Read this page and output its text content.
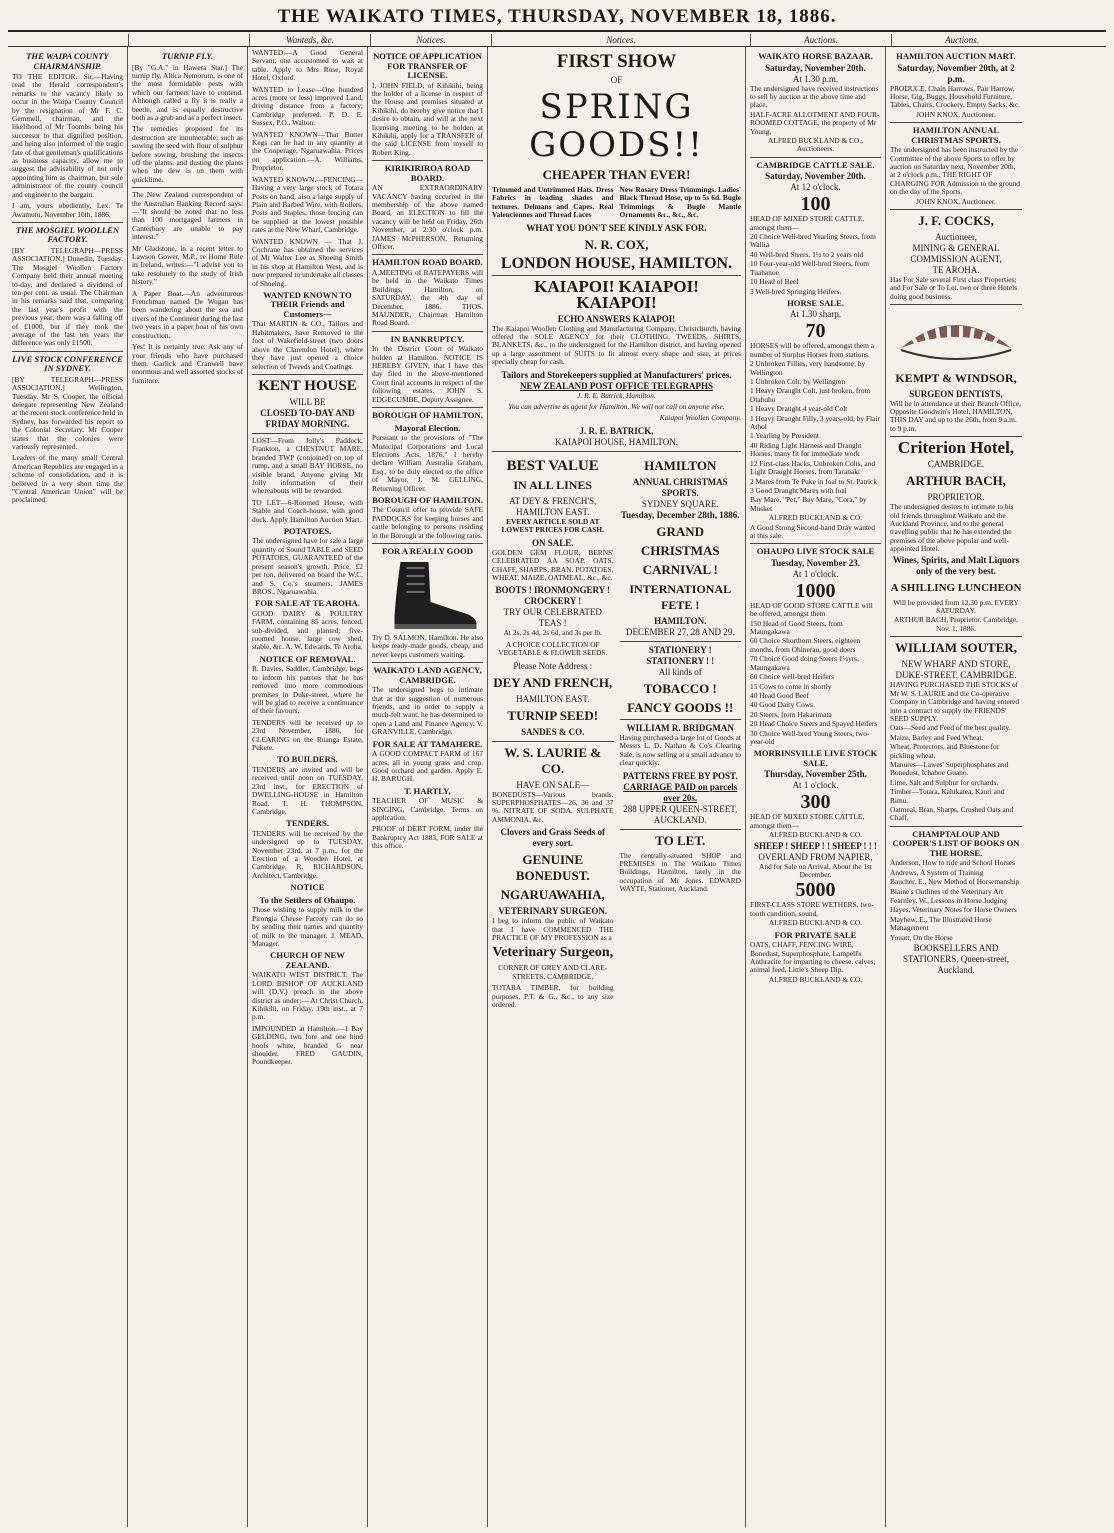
THE WAIKATO TIMES, THURSDAY, NOVEMBER 18, 1886.
Wanteds, &c.	Notices.	Notices.	Auctions.	Auctions.
THE WAIPA COUNTY CHAIRMANSHIP.

TO THE EDITOR. Sir,—Having read the Herald correspondent's remarks re the vacancy likely to occur in the Waipa County Council by the resignation of Mr F. C. Gemmell, chairman, and the likelihood of Mr Toombs being his successor to that dignified position, and being also informed of the tragic fate of that gentleman's qualifications as business capacity, allow me to suggest the advisability of not only appointing him as chairman, but sole administrator of the county council and engineer to the bargain.

I am, yours obediently, Lex. Te Awamutu, November 16th, 1886.

THE MOSGIEL WOOLLEN FACTORY.

[BY TELEGRAPH—PRESS ASSOCIATION.] Dunedin, Tuesday. The Mosgiel Woollen Factory Company held their annual meeting to-day, and declared a dividend of ten per cent. as usual. The Chairman in his remarks said that, comparing the last year's profit with the previous year, there was a falling off of £1000, but if they took the average of the last ten years the difference was only £1500.

LIVE STOCK CONFERENCE IN SYDNEY.

[BY TELEGRAPH—PRESS ASSOCIATION.] Wellington, Tuesday. Mr S. Cooper, the official delegate representing New Zealand at the recent stock conference held in Sydney, has forwarded his report to the Colonial Secretary. Mr Cooper states that the colonies were variously represented.

Leaders of the many small Central American Republics are engaged in a scheme of consolidation, and it is believed in a very short time the "Central American Union" will be proclaimed.

TURNIP FLY.

[By "G.A." in Hawera Star.] The turnip fly, Altica Nemorum, is one of the most formidable pests with which our farmers have to contend. Although called a fly it is really a beetle, and is equally destructive both as a grub and as a perfect insect.

The remedies proposed for its destruction are innumerable; such as sowing the seed with flour of sulphur before sowing, brushing the insects off the plants, and dusting the plants when the dew is on them with quicklime.

The New Zealand correspondent of the Australian Banking Record says:—"It should be noted that no less than 100 mortgaged farmers in Canterbury are unable to pay interest."

Mr Gladstone, in a recent letter to Lawson Gower, M.P., re Home Rule in Ireland, writes:—"I advise you to take resolutely to the study of Irish history."

A Paper Boat.—An adventurous Frenchman named De Wogan has been wandering about the sea and rivers of the Continent during the last two years in a paper boat of his own construction.

Yes! It is certainly true. Ask any of your friends who have purchased them. Garlick and Cranwell have enormous and well assorted stocks of furniture.

WANTED.—A Good General Servant, one accustomed to wait at table. Apply to Mrs Rose, Royal Hotel, Oxford.

WANTED to Lease—One hundred acres (more or less) improved Land, driving distance from a factory; Cambridge preferred. P. D. E. Sussex, P.O., Walton.

WANTED KNOWN—That Butter Kegs can be had in any quantity at the Cooperage, Ngaruawahia. Prices on application.—A. Williams, Proprietor.

WANTED KNOWN.—FENCING—Having a very large stock of Totara Posts on hand, also a large supply of Plain and Barbed Wire, with Rollers, Posts and Staples, those fencing can be supplied at the lowest possible rates at the New Wharf, Cambridge.

WANTED KNOWN — That J. Cochrane has obtained the services of Mr Walter Lee as Shoeing Smith in his shop at Hamilton West, and is now prepared to undertake all classes of Shoeing.

WANTED KNOWN TO THEIR Friends and Customers—

That MARTIN & CO., Tailors and Habitmakers, have Removed to the foot of Wakefield-street (two doors above the Clarendon Hotel), where they have just opened a choice selection of Tweeds and Coatings.

KENT HOUSE
WILL BE
CLOSED TO-DAY AND FRIDAY MORNING.

LOST—From Jolly's Paddock, Frankton, a CHESTNUT MARE, branded TWP (conjoined) on top of rump, and a small BAY HORSE, no visible brand. Anyone giving Mr Jolly information of their whereabouts will be rewarded.

TO LET—6-Roomed House, with Stable and Coach-house, with good dock. Apply Hamilton Auction Mart.

POTATOES.

The undersigned have for sale a large quantity of Sound TABLE and SEED POTATOES, GUARANTEED of the present season's growth. Price, £2 per ton, delivered on board the W.C. and S. Co.'s steamers. JAMES BROS., Ngaruawahia.

FOR SALE AT TE AROHA.

GOOD DAIRY & POULTRY FARM, containing 85 acres, fenced, sub-divided, and planted; five-roomed house, large cow shed, stable, &c. A. W. Edwards, Te Aroha.

NOTICE OF REMOVAL.

R. Davies, Saddler, Cambridge, begs to inform his patrons that he has removed into more commodious premises in Duke-street, where he will be glad to receive a continuance of their favours.

TENDERS will be received up to 23rd November, 1886, for CLEARING on the Ruanga Estate, Pukete.

TO BUILDERS.

TENDERS are invited and will be received until noon on TUESDAY, 23rd inst., for ERECTION of DWELLING-HOUSE in Hamilton Road. T. H. THOMPSON, Cambridge.

TENDERS.

TENDERS will be received by the undersigned up to TUESDAY, November 23rd, at 7 p.m., for the Erection of a Wooden Hotel, at Cambridge. R. RICHARDSON, Architect, Cambridge.

NOTICE
To the Settlers of Ohaupo.

Those wishing to supply milk to the Pirongia Cheese Factory can do so by sending their names and quantity of milk to the manager. J. MEAD, Manager.

CHURCH OF NEW ZEALAND.

WAIKATO WEST DISTRICT. The LORD BISHOP OF AUCKLAND will (D.V.) preach in the above district as under:— At Christ Church, Kihikihi, on Friday, 19th inst., at 7 p.m.

IMPOUNDED at Hamilton.—1 Bay GELDING, two fore and one hind hoofs white, branded G near shoulder. FRED GAUDIN, Poundkeeper.

NOTICE OF APPLICATION FOR TRANSFER OF LICENSE.

I, JOHN FIELD, of Kihikihi, being the holder of a license in respect of the House and premises situated at Kihikihi, do hereby give notice that I desire to obtain, and will at the next licensing meeting to be holden at Kihikihi, apply for a TRANSFER of the said LICENSE from myself to Robert King.

KIRIKIRIROA ROAD BOARD.

AN EXTRAORDINARY VACANCY having occurred in the membership of the above named Board, an ELECTION to fill the vacancy will be held on Friday, 26th November, at 2:30 o'clock p.m. JAMES McPHERSON, Returning Officer.

HAMILTON ROAD BOARD.

A MEETING of RATEPAYERS will be held in the Waikato Times Buildings, Hamilton, on SATURDAY, the 4th day of December, 1886. THOS. MAUNDER, Chairman Hamilton Road Board.

IN BANKRUPTCY.

In the District Court of Waikato holden at Hamilton. NOTICE IS HEREBY GIVEN, that I have this day filed in the above-mentioned Court final accounts in respect of the following estates. JOHN S. EDGECUMBE, Deputy Assignee.

BOROUGH OF HAMILTON.
Mayoral Election.

Pursuant to the provisions of "The Municipal Corporations and Local Elections Acts, 1876," I hereby declare William Australia Graham, Esq., to be duly elected to the office of Mayor. J. M. GELLING, Returning Officer.

BOROUGH OF HAMILTON.

The Council offer to provide SAFE PADDOCKS for keeping horses and cattle belonging to persons residing in the Borough at the following rates.

FOR A REALLY GOOD

Try D. SALMON, Hamilton. He also keeps ready-made goods, cheap, and never keeps customers waiting.

WAIKATO LAND AGENCY, CAMBRIDGE.

The undersigned begs to intimate that at the suggestion of numerous friends, and in order to supply a much-felt want, he has determined to open a Land and Finance Agency. V. GRANVILLE, Cambridge.

FOR SALE AT TAMAHERE.

A GOOD COMPACT FARM of 167 acres, all in young grass and crop. Good orchard and garden. Apply E. H. BARUGH.

T. HARTLY,

TEACHER OF MUSIC & SINGING, Cambridge. Terms on application.

PROOF of DEBT FORM, under the Bankruptcy Act 1883, FOR SALE at this office.

FIRST SHOW
OF
SPRING GOODS!!
CHEAPER THAN EVER!

Trimmed and Untrimmed Hats. Dress Fabrics in leading shades and textures. Delmans and Capes. Real Valenciennes and Thread Laces

New Rosary Dress Trimmings. Ladies' Black Thread Hose, up to 5s 6d. Bugle Trimmings & Bugle Mantle Ornaments &c., &c., &c.

WHAT YOU DON'T SEE KINDLY ASK FOR.
N. R. COX,
LONDON HOUSE, HAMILTON.
KAIAPOI! KAIAPOI! KAIAPOI!
ECHO ANSWERS KAIAPOI!

The Kaiapoi Woollen Clothing and Manufacturing Company, Christchurch, having offered the SOLE AGENCY for their CLOTHING, TWEEDS, SHIRTS, BLANKETS, &c., to the undersigned for the Hamilton district, and having opened up a large assortment of SUITS to fit almost every shape and size, at prices specially cheap for cash.

Tailors and Storekeepers supplied at Manufacturers' prices.
NEW ZEALAND POST OFFICE TELEGRAPHS

J. R. E. Batrick, Hamilton.

You can advertise as agent for Hamilton. We will not call on anyone else.

Kaiapoi Woollen Company.

J. R. E. BATRICK,
KAIAPOI HOUSE, HAMILTON,
BEST VALUE
IN ALL LINES
AT DEY & FRENCH'S,
HAMILTON EAST.

EVERY ARTICLE SOLD AT LOWEST PRICES FOR CASH.

ON SALE.

GOLDEN GEM FLOUR, BERNS' CELEBRATED AA SOAP, OATS, CHAFF, SHARPS, BRAN, POTATOES, WHEAT, MAIZE, OATMEAL, &c., &c.

BOOTS ! IRONMONGERY ! CROCKERY !
TRY OUR CELEBRATED TEAS !

At 2s, 2s 4d, 2s 6d, and 3s per lb.

A CHOICE COLLECTION OF VEGETABLE & FLOWER SEEDS.

Please Note Address :
DEY AND FRENCH,
HAMILTON EAST.
TURNIP SEED!
SANDES & CO.
W. S. LAURIE & CO.
HAVE ON SALE—

BONEDUSTS—Various brands. SUPERPHOSPHATES—26, 36 and 37 %. NITRATE OF SODA. SULPHATE AMMONIA, &c.

Clovers and Grass Seeds of every sort.
GENUINE BONEDUST.
NGARUAWAHIA,
VETERINARY SURGEON.

I beg to inform the public of Waikato that I have COMMENCED THE PRACTICE OF MY PROFESSION as a

Veterinary Surgeon,

CORNER OF GREY AND CLARE-STREETS, CAMBRIDGE.

TOTARA TIMBER, for building purposes, P.T. & G., &c., to any size ordered.

HAMILTON
ANNUAL CHRISTMAS SPORTS.
SYDNEY SQUARE.
Tuesday, December 28th, 1886.
GRAND
CHRISTMAS
CARNIVAL !
INTERNATIONAL FETE !
HAMILTON.
DECEMBER 27, 28 AND 29.
STATIONERY ! STATIONERY ! !
All kinds of
TOBACCO !
FANCY GOODS !!
WILLIAM R. BRIDGMAN

Having purchased a large lot of Goods at Messrs L. D. Nathan & Co's Clearing Sale, is now selling at a small advance to clear quickly.

PATTERNS FREE BY POST.
CARRIAGE PAID on parcels over 20s.
288 UPPER QUEEN-STREET, AUCKLAND.
TO LET.

The centrally-situated SHOP and PREMISES in The Waikato Times Buildings, Hamilton, lately in the occupation of Mr Jones. EDWARD WAYTE, Stationer, Auckland.

WAIKATO HORSE BAZAAR.
Saturday, November 20th.
At 1.30 p.m.

The undersigned have received instructions to sell by auction at the above time and place,

HALF-ACRE ALLOTMENT AND FOUR-ROOMED COTTAGE, the property of Mr Young.

ALFRED BUCKLAND & CO., Auctioneers.

CAMBRIDGE CATTLE SALE.
Saturday, November 20th.
At 12 o'clock.
100

HEAD OF MIXED STORE CATTLE, amongst them—

20 Choice Well-bred Yearling Steers, from Wallia

40 Well-bred Steers, 1½ to 2 years old

10 Four-year-old Well-bred Steers, from Tuahanoe

10 Head of Beef

3 Well-bred Springing Heifers.

HORSE SALE.
At 1.30 sharp.
70

HORSES will be offered, amongst them a number of Surplus Horses from stations.

2 Unbroken Fillies, very handsome, by Wellington

1 Unbroken Colt, by Wellington

1 Heavy Draught Colt, just broken, from Otahuhu

1 Heavy Draught 4 year-old Colt

1 Heavy Draught Filly, 3 years-old, by Flair Athol

1 Yearling by President

40 Riding Light Harness and Draught Horses, many fit for immediate work

12 First-class Hacks, Unbroken Colts, and Light Draught Horses, from Taranaki

2 Mares from Te Puke in foal to St. Patrick

3 Good Draught Mares with foal

Bay Mare, "Pet," Bay Mare, "Cora," by Musket

ALFRED BUCKLAND & CO.

A Good Strong Second-hand Dray wanted at this sale.

OHAUPO LIVE STOCK SALE
Tuesday, November 23.
At 1 o'clock.
1000

HEAD OF GOOD STORE CATTLE will be offered, amongst them

150 Head of Good Steers, from Maungakawa

60 Choice Shorthorn Steers, eighteen months, from Ohinerau, good doers

70 Choice Good doing Steers 1½yrs, Maungakawa

60 Choice well-bred Heifers

15 Cows to come in shortly

40 Head Good Beef

40 Good Dairy Cows

20 Steers, from Hakarimata

20 Head Choice Steers and Spayed Heifers

30 Choice Well-bred Young Steers, two-year-old

MORRINSVILLE LIVE STOCK SALE.
Thursday, November 25th.
At 1 o'clock.
300

HEAD OF MIXED STORE CATTLE, amongst them—

ALFRED BUCKLAND & CO.

SHEEP ! SHEEP ! ! SHEEP ! ! !
OVERLAND FROM NAPIER,

And for Sale on Arrival, About the 1st December.

5000

FIRST-CLASS STORE WETHERS, two-tooth condition, sound.

ALFRED BUCKLAND & CO.

FOR PRIVATE SALE

OATS, CHAFF, FENCING WIRE, Bonedust, Superphosphate, Lampell's Anthracite for imparting to cheese, calves; animal feed, Little's Sheep Dip.

ALFRED BUCKLAND & CO.

HAMILTON AUCTION MART.
Saturday, November 20th, at 2 p.m.

PRODUCE, Chain Harrows, Pair Harrow, Horse, Gig, Buggy, Household Furniture, Tables, Chairs, Crockery, Empty Sacks, &c.

JOHN KNOX, Auctioneer.

HAMILTON ANNUAL CHRISTMAS SPORTS.

The undersigned has been instructed by the Committee of the above Sports to offer by auction on Saturday next, November 20th, at 2 o'clock p.m., THE RIGHT OF CHARGING FOR Admission to the ground on the day of the Sports.

JOHN KNOX, Auctioneer.

J. F. COCKS,
Auctioneer,
MINING & GENERAL COMMISSION AGENT,
TE AROHA.

Has For Sale several First class Properties; and For Sale or To Let, two or three Hotels doing good business.

KEMPT & WINDSOR,
SURGEON DENTISTS,

Will be in attendance at their Branch Office, Opposite Goodwin's Hotel, HAMILTON, THIS DAY and up to the 26th, from 9 a.m. to 9 p.m.

Criterion Hotel,
CAMBRIDGE.
ARTHUR BACH,
PROPRIETOR.

The undersigned desires to intimate to his old friends throughout Waikato and the Auckland Province, and to the general travelling public that he has extended the premises of the above popular and well-appointed Hotel.

Wines, Spirits, and Malt Liquors only of the very best.
A SHILLING LUNCHEON

Will be provided from 12.30 p.m. EVERY SATURDAY.

ARTHUR BACH, Proprietor. Cambridge, Nov. 1, 1886.

WILLIAM SOUTER,
NEW WHARF AND STORE, DUKE-STREET, CAMBRIDGE.

HAVING PURCHASED THE STOCKS of Mr W. S. LAURIE and the Co-operative Company in Cambridge and having entered into a contract to supply the FRIENDS' SEED SUPPLY.

Oats—Seed and Feed of the best quality.

Maize, Barley and Feed Wheat.

Wheat, Protectors, and Bluestone for pickling wheat.

Manures—Lawes' Superphosphates and Bonedust, Ichaboe Guano.

Lime, Salt and Sulphur for orchards.

Timber—Totara, Kahikatea, Kauri and Rimu.

Oatmeal, Bran, Sharps, Crushed Oats and Chaff.

CHAMPTALOUP AND COOPER'S LIST OF BOOKS ON THE HORSE.

Anderson, How to ride and School Horses

Andrews, A System of Training

Baucher, E., New Method of Horsemanship

Blaine's Outlines of the Veterinary Art

Fearnley, W., Lessons in Horse Judging

Hayes, Veterinary Notes for Horse Owners

Mayhew, E., The Illustrated Horse Management

Youatt, On the Horse

BOOKSELLERS AND STATIONERS, Queen-street, Auckland.
